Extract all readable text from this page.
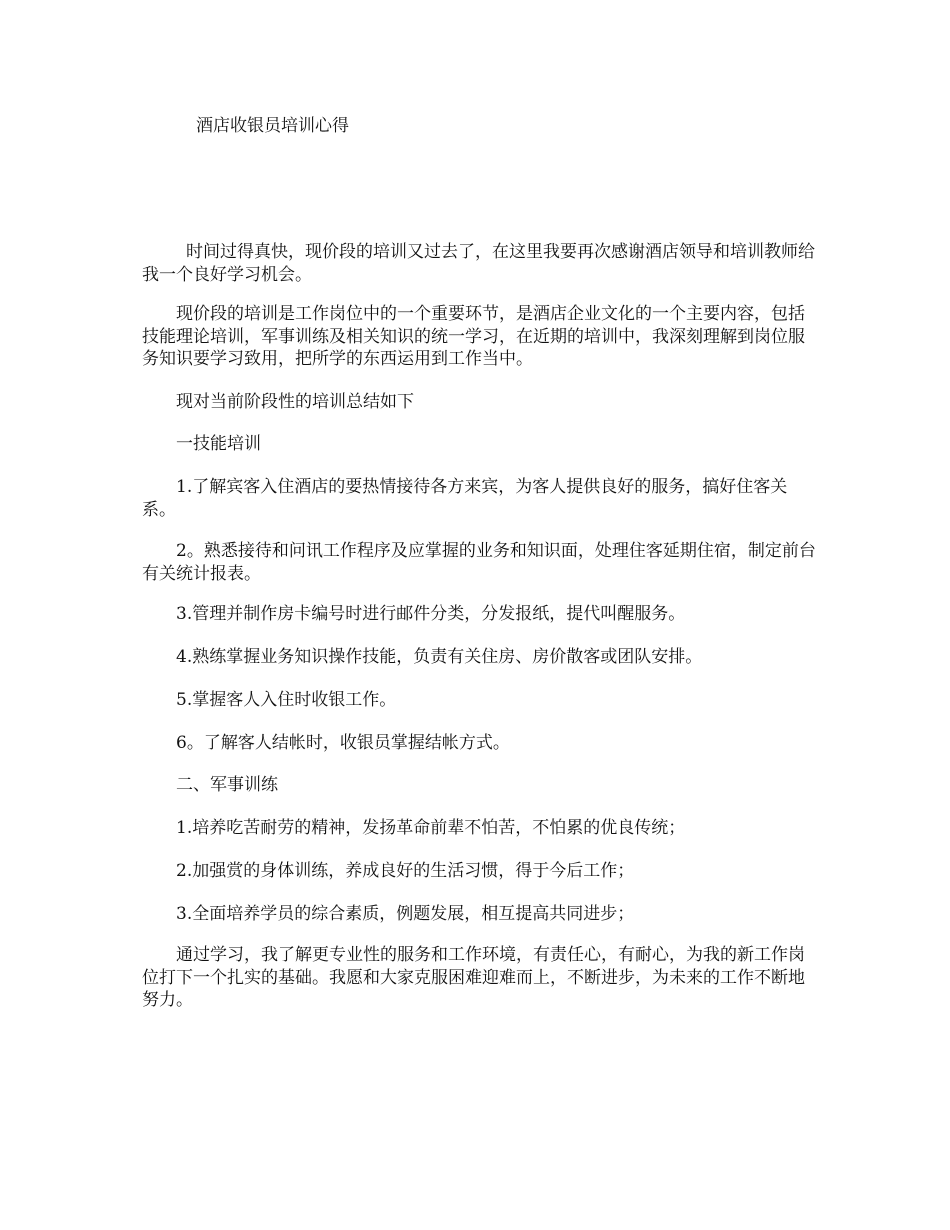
酒店收银员培训心得

时间过得真快，现价段的培训又过去了，在这里我要再次感谢酒店领导和培训教师给我一个良好学习机会。

现价段的培训是工作岗位中的一个重要环节，是酒店企业文化的一个主要内容，包括技能理论培训，军事训练及相关知识的统一学习，在近期的培训中，我深刻理解到岗位服务知识要学习致用，把所学的东西运用到工作当中。

现对当前阶段性的培训总结如下

一技能培训

1.了解宾客入住酒店的要热情接待各方来宾，为客人提供良好的服务，搞好住客关系。

2。熟悉接待和问讯工作程序及应掌握的业务和知识面，处理住客延期住宿，制定前台有关统计报表。

3.管理并制作房卡编号时进行邮件分类，分发报纸，提代叫醒服务。

4.熟练掌握业务知识操作技能，负责有关住房、房价散客或团队安排。

5.掌握客人入住时收银工作。

6。了解客人结帐时，收银员掌握结帐方式。

二、军事训练

1.培养吃苦耐劳的精神，发扬革命前辈不怕苦，不怕累的优良传统；

2.加强赏的身体训练，养成良好的生活习惯，得于今后工作；

3.全面培养学员的综合素质，例题发展，相互提高共同进步；

通过学习，我了解更专业性的服务和工作环境，有责任心，有耐心，为我的新工作岗位打下一个扎实的基础。我愿和大家克服困难迎难而上，不断进步，为未来的工作不断地努力。
